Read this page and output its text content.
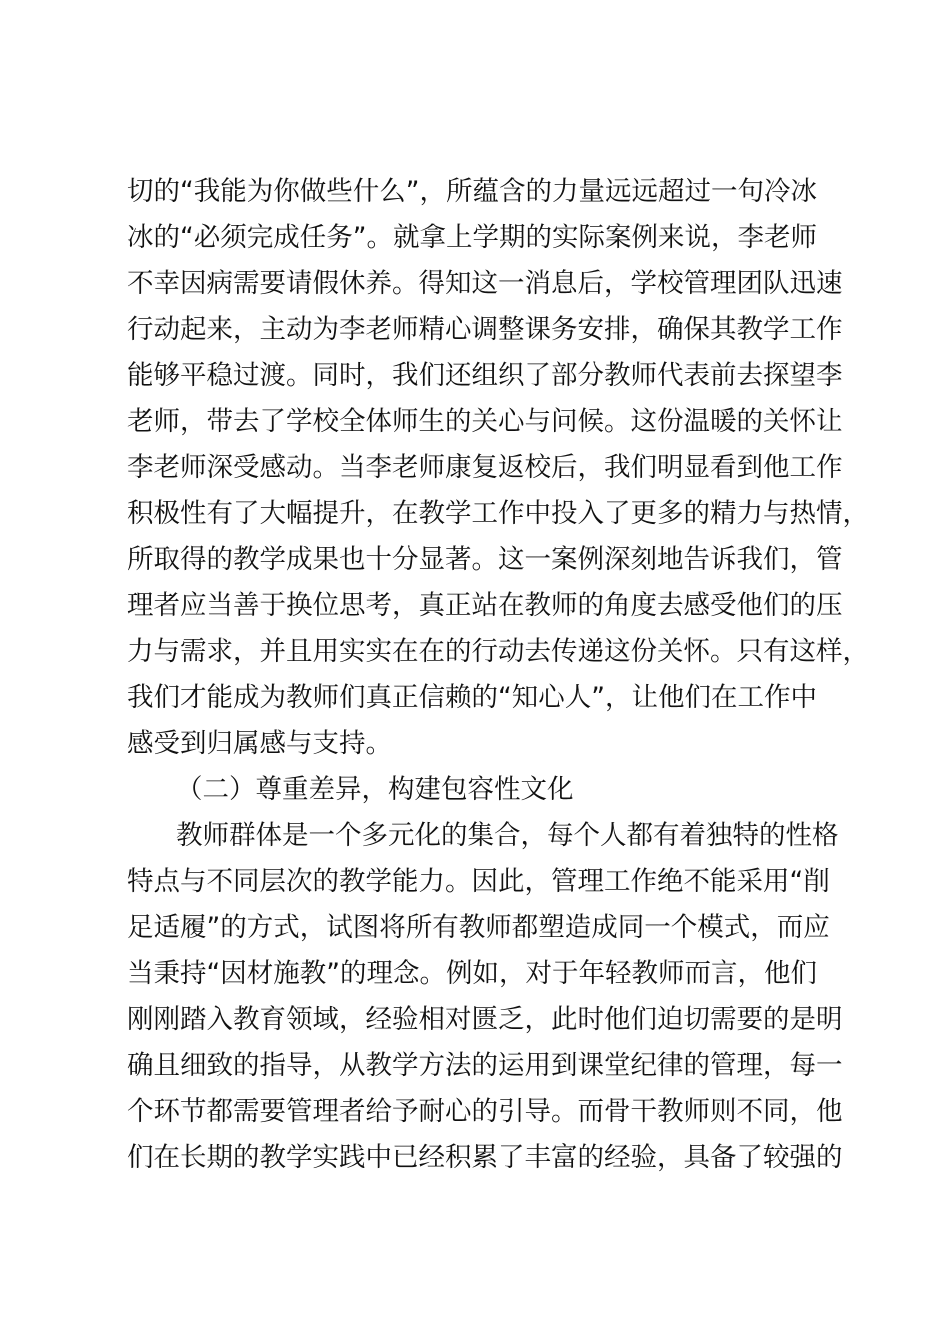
切的“我能为你做些什么”，所蕴含的力量远远超过一句冷冰
冰的“必须完成任务”。就拿上学期的实际案例来说，李老师
不幸因病需要请假休养。得知这一消息后，学校管理团队迅速
行动起来，主动为李老师精心调整课务安排，确保其教学工作
能够平稳过渡。同时，我们还组织了部分教师代表前去探望李
老师，带去了学校全体师生的关心与问候。这份温暖的关怀让
李老师深受感动。当李老师康复返校后，我们明显看到他工作
积极性有了大幅提升，在教学工作中投入了更多的精力与热情，
所取得的教学成果也十分显著。这一案例深刻地告诉我们，管
理者应当善于换位思考，真正站在教师的角度去感受他们的压
力与需求，并且用实实在在的行动去传递这份关怀。只有这样，
我们才能成为教师们真正信赖的“知心人”，让他们在工作中
感受到归属感与支持。
（二）尊重差异，构建包容性文化
教师群体是一个多元化的集合，每个人都有着独特的性格
特点与不同层次的教学能力。因此，管理工作绝不能采用“削
足适履”的方式，试图将所有教师都塑造成同一个模式，而应
当秉持“因材施教”的理念。例如，对于年轻教师而言，他们
刚刚踏入教育领域，经验相对匮乏，此时他们迫切需要的是明
确且细致的指导，从教学方法的运用到课堂纪律的管理，每一
个环节都需要管理者给予耐心的引导。而骨干教师则不同，他
们在长期的教学实践中已经积累了丰富的经验，具备了较强的
